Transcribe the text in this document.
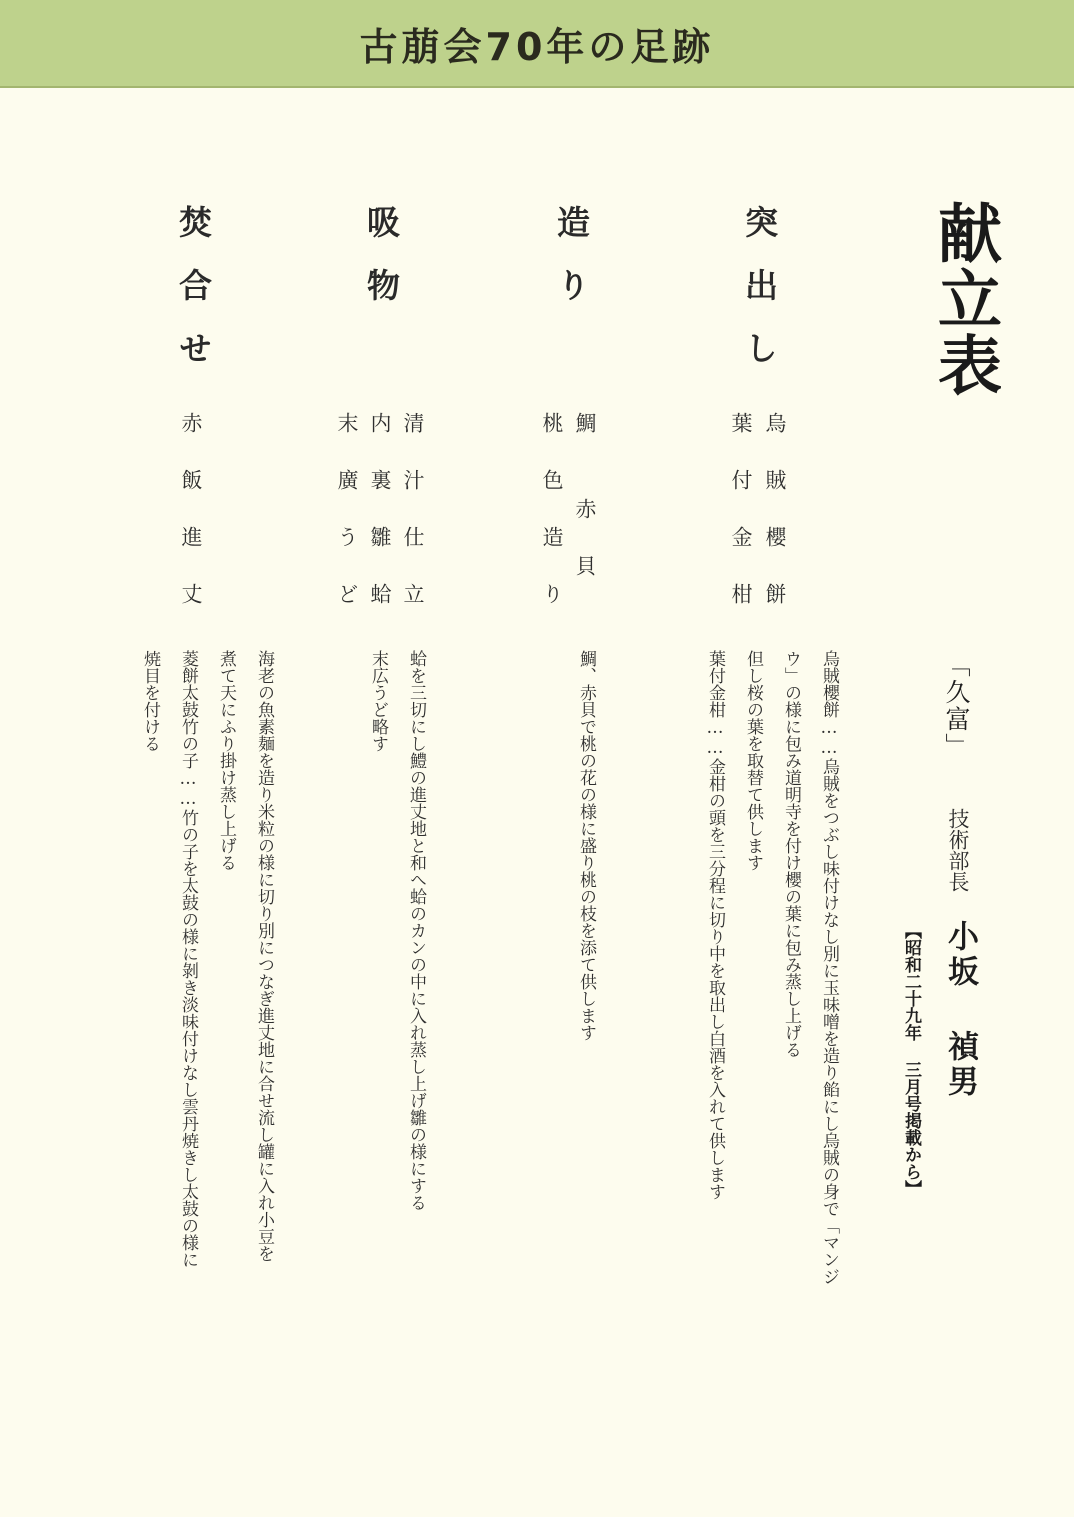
古萠会70年の足跡
献立表
突出し
造り
吸物
焚合せ
烏賊櫻餅
葉付金柑
鯛
赤貝
桃色造り
清汁仕立
内裏雛蛤
末廣うど
赤飯進丈
烏賊櫻餅……烏賊をつぶし味付けなし別に玉味噌を造り餡にし烏賊の身で「マンジ
ウ」の様に包み道明寺を付け櫻の葉に包み蒸し上げる
但し桜の葉を取替て供します
葉付金柑……金柑の頭を三分程に切り中を取出し白酒を入れて供します
鯛、赤貝で桃の花の様に盛り桃の枝を添て供します
蛤を三切にし鱧の進丈地と和へ蛤のカンの中に入れ蒸し上げ雛の様にする
末広うど略す
海老の魚素麺を造り米粒の様に切り別につなぎ進丈地に合せ流し罐に入れ小豆を
煮て天にふり掛け蒸し上げる
菱餅太鼓竹の子……竹の子を太鼓の様に剝き淡味付けなし雲丹焼きし太鼓の様に
焼目を付ける	「久富」
技術部長
小坂 禎男
【昭和二十九年 三月号掲載から】
